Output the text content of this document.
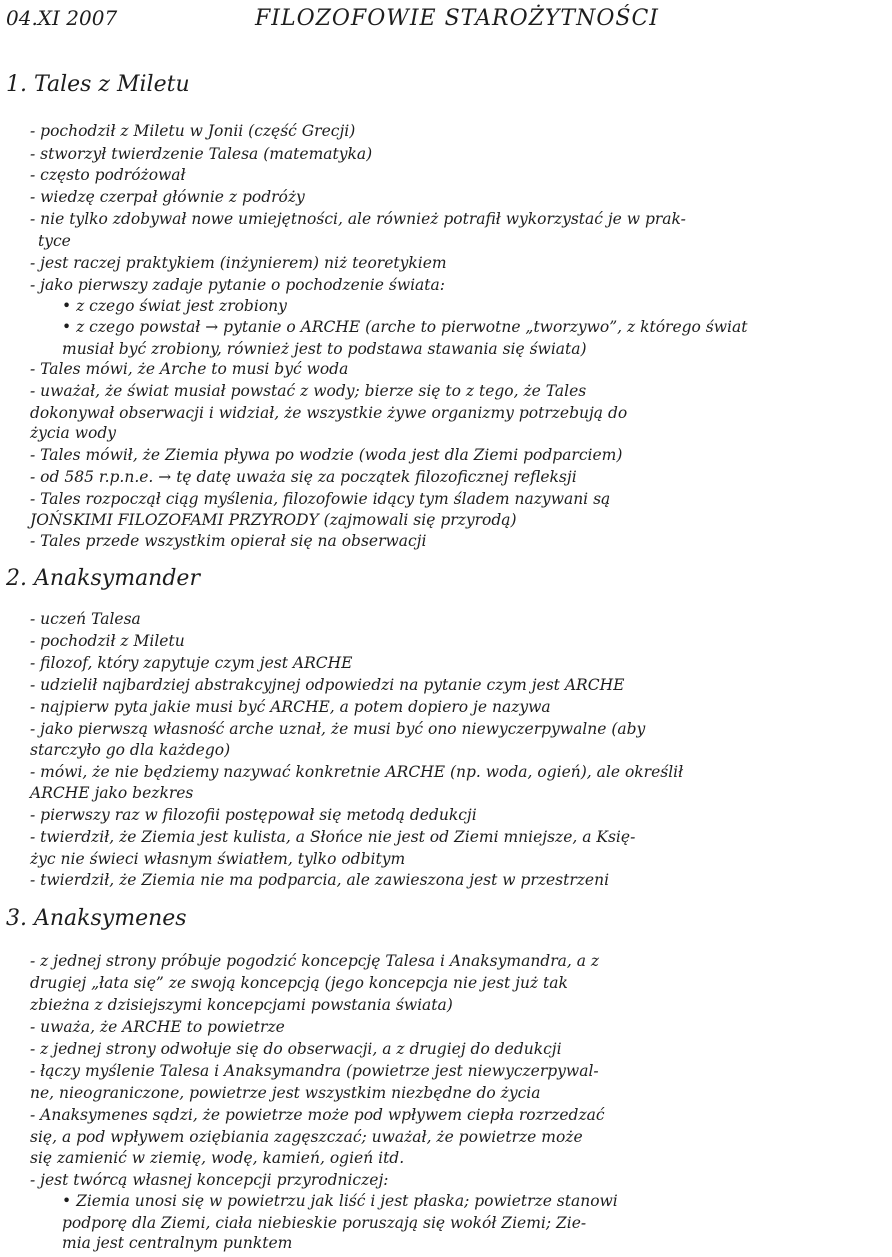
04.XI 2007	FILOZOFOWIE STAROŻYTNOŚCI
1. Tales z Miletu
- pochodził z Miletu w Jonii (część Grecji)
- stworzył twierdzenie Talesa (matematyka)
- często podróżował
- wiedzę czerpał głównie z podróży
- nie tylko zdobywał nowe umiejętności, ale również potrafił wykorzystać je w prak-
tyce
- jest raczej praktykiem (inżynierem) niż teoretykiem
- jako pierwszy zadaje pytanie o pochodzenie świata:
• z czego świat jest zrobiony
• z czego powstał → pytanie o ARCHE (arche to pierwotne „tworzywo”, z którego świat
musiał być zrobiony, również jest to podstawa stawania się świata)
- Tales mówi, że Arche to musi być woda
- uważał, że świat musiał powstać z wody; bierze się to z tego, że Tales
dokonywał obserwacji i widział, że wszystkie żywe organizmy potrzebują do
życia wody
- Tales mówił, że Ziemia pływa po wodzie (woda jest dla Ziemi podparciem)
- od 585 r.p.n.e. → tę datę uważa się za początek filozoficznej refleksji
- Tales rozpoczął ciąg myślenia, filozofowie idący tym śladem nazywani są
JOŃSKIMI FILOZOFAMI PRZYRODY (zajmowali się przyrodą)
- Tales przede wszystkim opierał się na obserwacji
2. Anaksymander
- uczeń Talesa
- pochodził z Miletu
- filozof, który zapytuje czym jest ARCHE
- udzielił najbardziej abstrakcyjnej odpowiedzi na pytanie czym jest ARCHE
- najpierw pyta jakie musi być ARCHE, a potem dopiero je nazywa
- jako pierwszą własność arche uznał, że musi być ono niewyczerpywalne (aby
starczyło go dla każdego)
- mówi, że nie będziemy nazywać konkretnie ARCHE (np. woda, ogień), ale określił
ARCHE jako bezkres
- pierwszy raz w filozofii postępował się metodą dedukcji
- twierdził, że Ziemia jest kulista, a Słońce nie jest od Ziemi mniejsze, a Księ-
życ nie świeci własnym światłem, tylko odbitym
- twierdził, że Ziemia nie ma podparcia, ale zawieszona jest w przestrzeni
3. Anaksymenes
- z jednej strony próbuje pogodzić koncepcję Talesa i Anaksymandra, a z
drugiej „łata się” ze swoją koncepcją (jego koncepcja nie jest już tak
zbieżna z dzisiejszymi koncepcjami powstania świata)
- uważa, że ARCHE to powietrze
- z jednej strony odwołuje się do obserwacji, a z drugiej do dedukcji
- łączy myślenie Talesa i Anaksymandra (powietrze jest niewyczerpywal-
ne, nieograniczone, powietrze jest wszystkim niezbędne do życia
- Anaksymenes sądzi, że powietrze może pod wpływem ciepła rozrzedzać
się, a pod wpływem oziębiania zagęszczać; uważał, że powietrze może
się zamienić w ziemię, wodę, kamień, ogień itd.
- jest twórcą własnej koncepcji przyrodniczej:
• Ziemia unosi się w powietrzu jak liść i jest płaska; powietrze stanowi
podporę dla Ziemi, ciała niebieskie poruszają się wokół Ziemi; Zie-
mia jest centralnym punktem
